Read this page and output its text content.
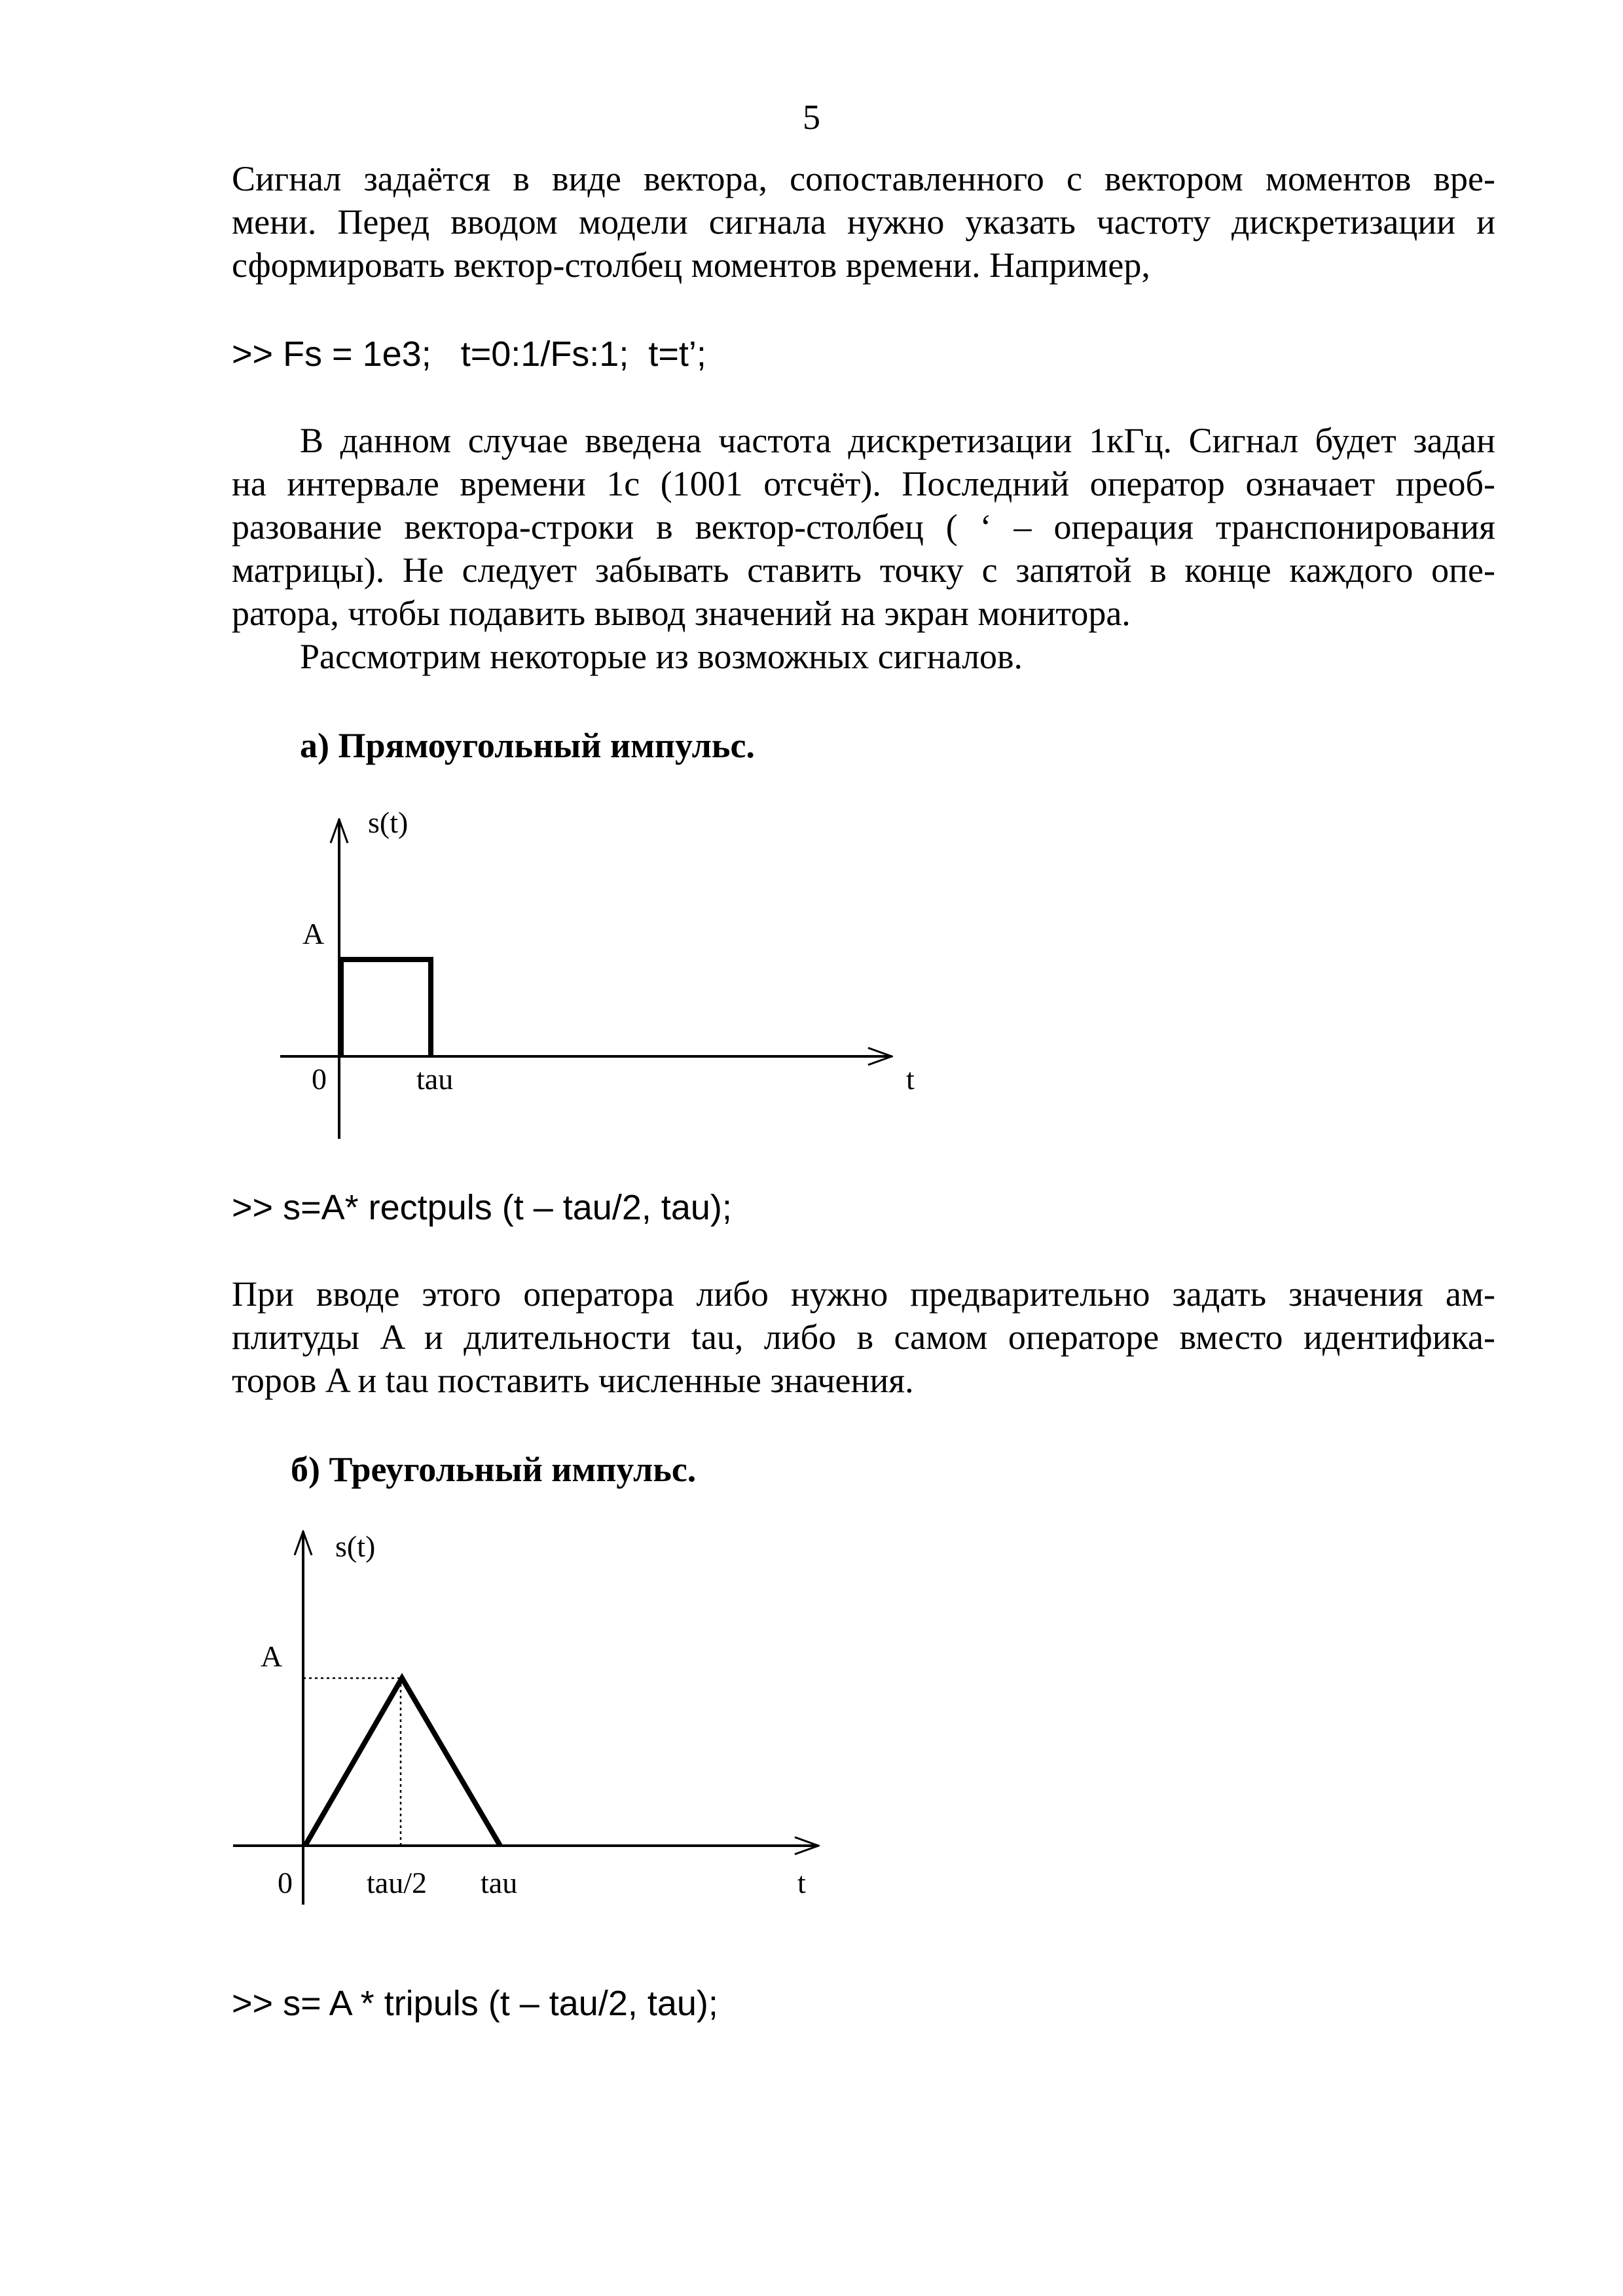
5
Сигнал задаётся в виде вектора, сопоставленного с вектором моментов вре-
мени. Перед вводом модели сигнала нужно указать частоту дискретизации и
сформировать вектор-столбец моментов времени. Например,
>> Fs = 1e3;   t=0:1/Fs:1;  t=t’;
В данном случае введена частота дискретизации 1кГц. Сигнал будет задан
на интервале времени 1с (1001 отсчёт). Последний оператор означает преоб-
разование вектора-строки в вектор-столбец ( ‘ – операция транспонирования
матрицы). Не следует забывать ставить точку с запятой в конце каждого опе-
ратора, чтобы подавить вывод значений на экран монитора.
Рассмотрим некоторые из возможных сигналов.
а) Прямоугольный импульс.
s(t)
A
0	tau	t
s(t)
A
0 tau/2 tau	t
>> s=A* rectpuls (t – tau/2, tau);
При вводе этого оператора либо нужно предварительно задать значения ам-
плитуды A и длительности tau, либо в самом операторе вместо идентифика-
торов A и tau поставить численные значения.
б) Треугольный импульс.
>> s= A * tripuls (t – tau/2, tau);
